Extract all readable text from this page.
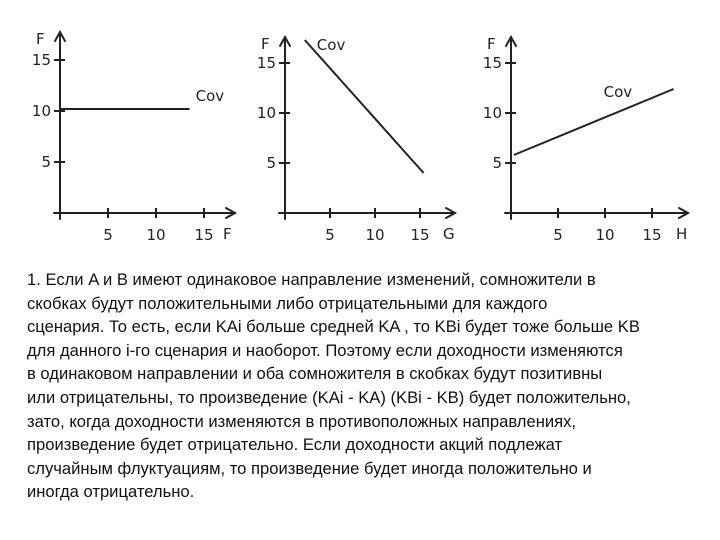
F
F
5 10 15
5
10
15
Cov
F
G
5 10 15
5
10
15
Cov	F
H
5 10 15
5
10
15
Cov
1. Если A и B имеют одинаковое направление изменений, сомножители в
скобках будут положительными либо отрицательными для каждого
сценария. То есть, если KAi больше средней KA , то KBi будет тоже больше KB
для данного i-го сценария и наоборот. Поэтому если доходности изменяются
в одинаковом направлении и оба сомножителя в скобках будут позитивны
или отрицательны, то произведение (KAi - KA) (KBi - KB) будет положительно,
зато, когда доходности изменяются в противоположных направлениях,
произведение будет отрицательно. Если доходности акций подлежат
случайным флуктуациям, то произведение будет иногда положительно и
иногда отрицательно.
